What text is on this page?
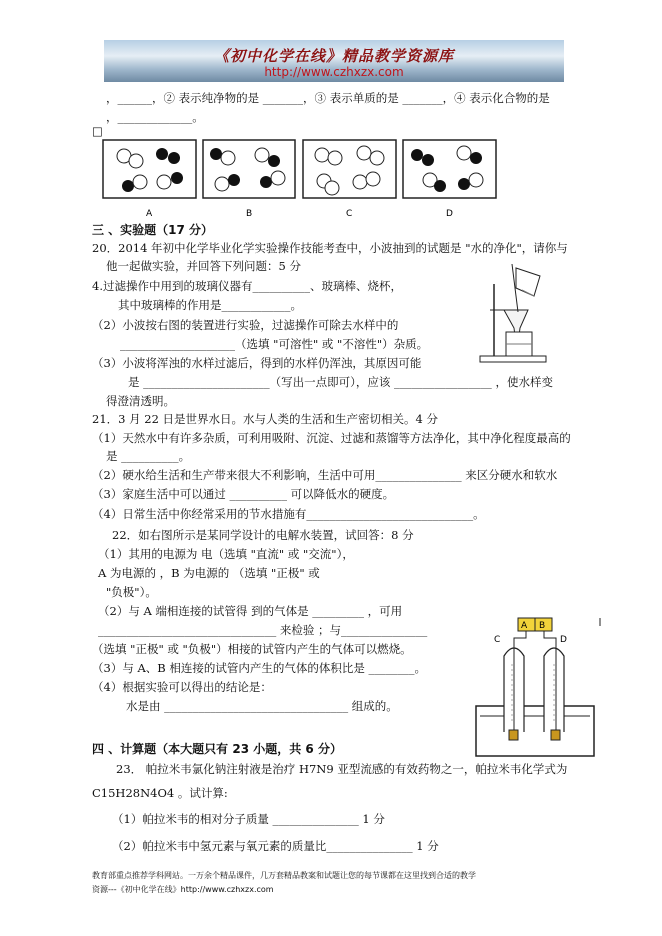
《初中化学在线》精品教学资源库
http://www.czhxzx.com
，______，② 表示纯净物的是 _______，③ 表示单质的是 _______，④ 表示化合物的是
，_____________。
□
A	B	C	D
三 、实验题（17 分）
20．2014 年初中化学毕业化学实验操作技能考查中，小波抽到的试题是 "水的净化"，请你与
他一起做实验，并回答下列问题：5 分
4.过滤操作中用到的玻璃仪器有__________、玻璃棒、烧杯，
其中玻璃棒的作用是____________。
（2）小波按右图的装置进行实验，过滤操作可除去水样中的
____________________（选填 "可溶性" 或 "不溶性"）杂质。
（3）小波将浑浊的水样过滤后，得到的水样仍浑浊，其原因可能
是 ______________________（写出一点即可），应该 _________________ ，使水样变
得澄清透明。
21．3 月 22 日是世界水日。水与人类的生活和生产密切相关。4 分
（1）天然水中有许多杂质，可利用吸附、沉淀、过滤和蒸馏等方法净化，其中净化程度最高的
是 __________。
（2）硬水给生活和生产带来很大不利影响，生活中可用_______________ 来区分硬水和软水
（3）家庭生活中可以通过 __________ 可以降低水的硬度。
（4）日常生活中你经常采用的节水措施有_____________________________。
22．如右图所示是某同学设计的电解水装置，试回答：8 分
（1）其用的电源为 电（选填 "直流" 或 "交流"），
A 为电源的 ，B 为电源的 （选填 "正极" 或
"负极"）。
（2）与 A 端相连接的试管得 到的气体是 _________ ，可用
_______________________________ 来检验 ；与_______________
（选填 "正极" 或 "负极"）相接的试管内产生的气体可以燃烧。
（3）与 A、B 相连接的试管内产生的气体的体积比是 ________。
（4）根据实验可以得出的结论是：
水是由 ________________________________ 组成的。
A B
C	D
四 、计算题（本大题只有 23 小题，共 6 分）
23． 帕拉米韦氯化钠注射液是治疗 H7N9 亚型流感的有效药物之一，帕拉米韦化学式为
C15H28N4O4 。试计算:
（1）帕拉米韦的相对分子质量 _______________ 1 分
（2）帕拉米韦中氢元素与氧元素的质量比_______________ 1 分
教育部重点推荐学科网站。一万余个精品课件，几万套精品教案和试题让您的每节课都在这里找到合适的教学
资源---《初中化学在线》http://www.czhxzx.com
